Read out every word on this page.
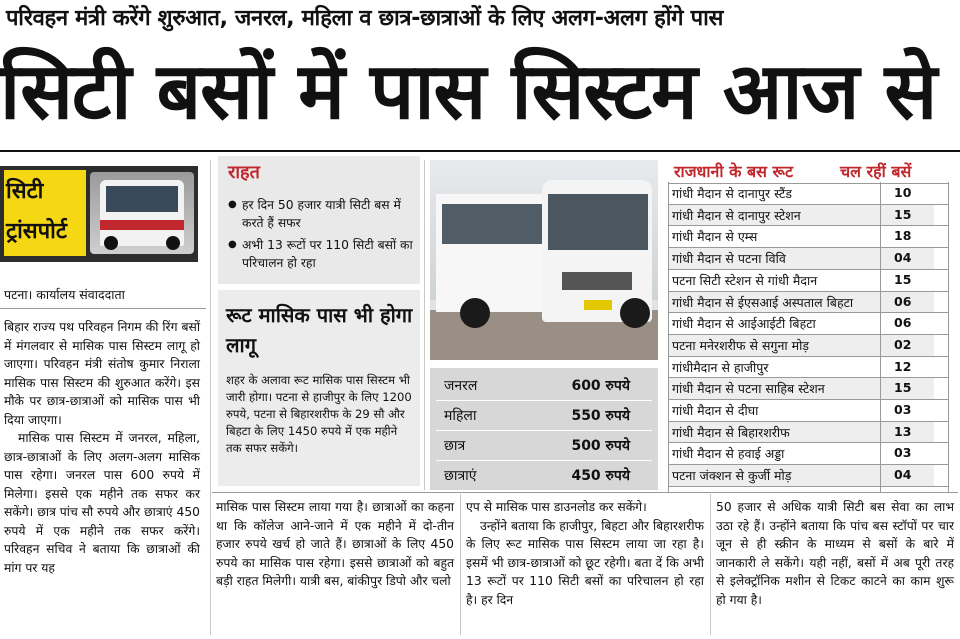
परिवहन मंत्री करेंगे शुरुआत, जनरल, महिला व छात्र-छात्राओं के लिए अलग-अलग होंगे पास
सिटी बसों में पास सिस्टम आज से
सिटी
ट्रांसपोर्ट
पटना। कार्यालय संवाददाता

बिहार राज्य पथ परिवहन निगम की रिंग बसों में मंगलवार से मासिक पास सिस्टम लागू हो जाएगा। परिवहन मंत्री संतोष कुमार निराला मासिक पास सिस्टम की शुरुआत करेंगे। इस मौके पर छात्र-छात्राओं को मासिक पास भी दिया जाएगा।

मासिक पास सिस्टम में जनरल, महिला, छात्र-छात्राओं के लिए अलग-अलग मासिक पास रहेगा। जनरल पास 600 रुपये में मिलेगा। इससे एक महीने तक सफर कर सकेंगे। छात्र पांच सौ रुपये और छात्राएं 450 रुपये में एक महीने तक सफर करेंगे। परिवहन सचिव ने बताया कि छात्राओं की मांग पर यह

राहत
● हर दिन 50 हजार यात्री सिटी बस में करते हैं सफर
● अभी 13 रूटों पर 110 सिटी बसों का परिचालन हो रहा
रूट मासिक पास भी होगा लागू
शहर के अलावा रूट मासिक पास सिस्टम भी जारी होगा। पटना से हाजीपुर के लिए 1200 रुपये, पटना से बिहारशरीफ के 29 सौ और बिहटा के लिए 1450 रुपये में एक महीने तक सफर सकेंगे।
जनरल	600 रुपये
महिला	550 रुपये
छात्र	500 रुपये
छात्राएं	450 रुपये
राजधानी के बस रूट	चल रहीं बसें
गांधी मैदान से दानापुर स्टैंड	10
गांधी मैदान से दानापुर स्टेशन	15
गांधी मैदान से एम्स	18
गांधी मैदान से पटना विवि	04
पटना सिटी स्टेशन से गांधी मैदान	15
गांधी मैदान से ईएसआई अस्पताल बिहटा	06
गांधी मैदान से आईआईटी बिहटा	06
पटना मनेरशरीफ से सगुना मोड़	02
गांधीमैदान से हाजीपुर	12
गांधी मैदान से पटना साहिब स्टेशन	15
गांधी मैदान से दीघा	03
गांधी मैदान से बिहारशरीफ	13
गांधी मैदान से हवाई अड्डा	03
पटना जंक्शन से कुर्जी मोड़	04
मासिक पास सिस्टम लाया गया है। छात्राओं का कहना था कि कॉलेज आने-जाने में एक महीने में दो-तीन हजार रुपये खर्च हो जाते हैं। छात्राओं के लिए 450 रुपये का मासिक पास रहेगा। इससे छात्राओं को बहुत बड़ी राहत मिलेगी। यात्री बस, बांकीपुर डिपो और चलो

एप से मासिक पास डाउनलोड कर सकेंगे।

उन्होंने बताया कि हाजीपुर, बिहटा और बिहारशरीफ के लिए रूट मासिक पास सिस्टम लाया जा रहा है। इसमें भी छात्र-छात्राओं को छूट रहेगी। बता दें कि अभी 13 रूटों पर 110 सिटी बसों का परिचालन हो रहा है। हर दिन

50 हजार से अधिक यात्री सिटी बस सेवा का लाभ उठा रहे हैं। उन्होंने बताया कि पांच बस स्टॉपों पर चार जून से ही स्क्रीन के माध्यम से बसों के बारे में जानकारी ले सकेंगे। यही नहीं, बसों में अब पूरी तरह से इलेक्ट्रॉनिक मशीन से टिकट काटने का काम शुरू हो गया है।
